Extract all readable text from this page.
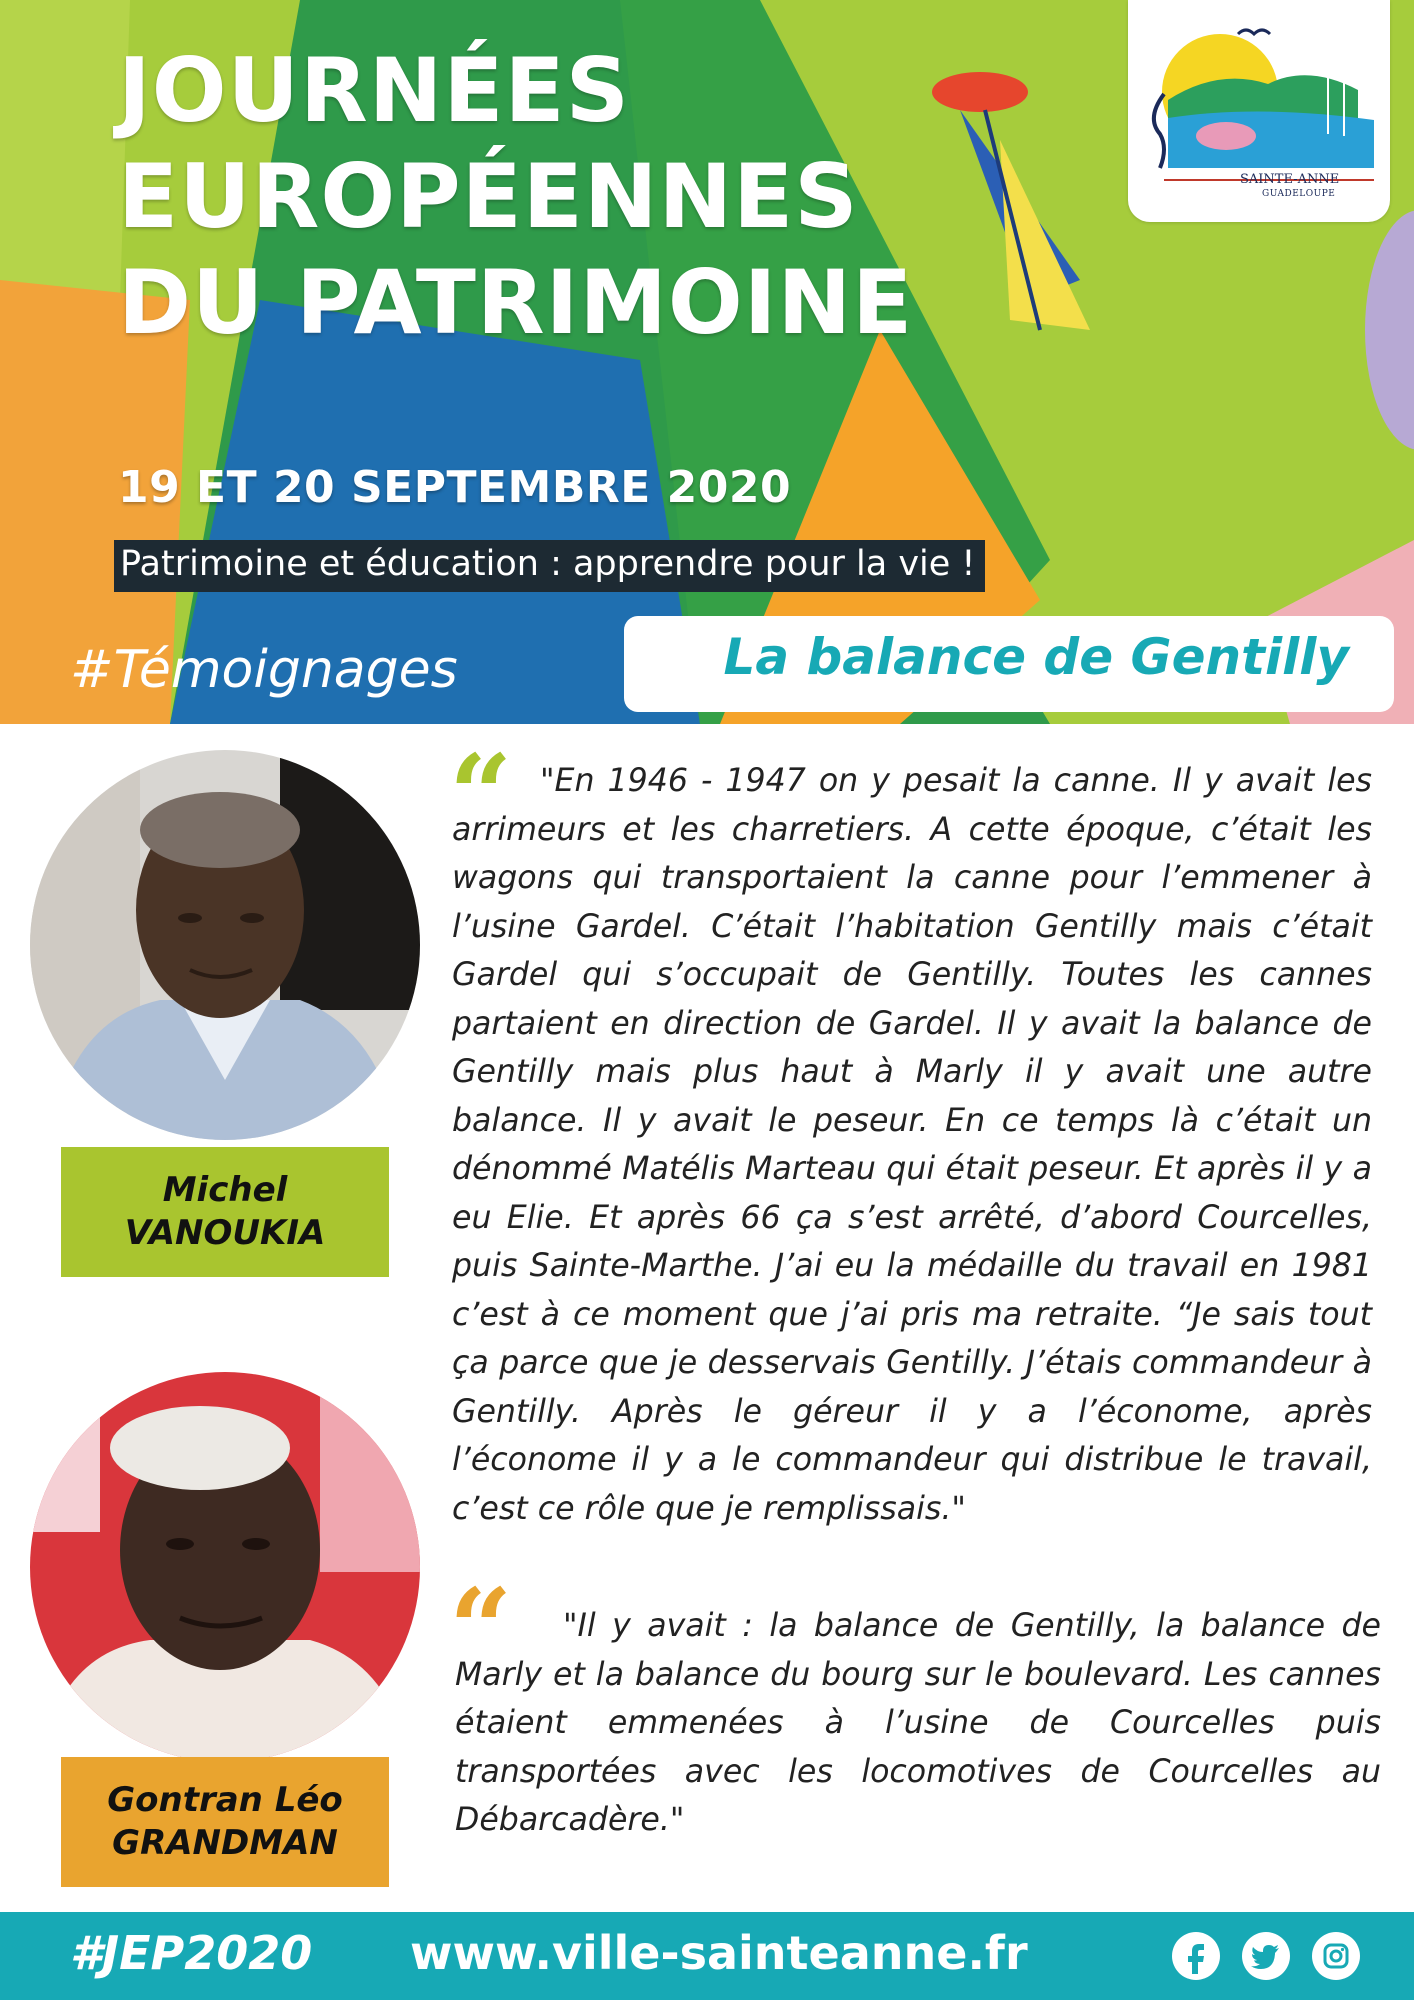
JOURNÉES
EUROPÉENNES
DU PATRIMOINE
19 ET 20 SEPTEMBRE 2020
Patrimoine et éducation : apprendre pour la vie !
#Témoignages	La balance de Gentilly
SAINTE-ANNE
GUADELOUPE
Michel
VANOUKIA
“ "En 1946 - 1947 on y pesait la canne. Il y avait les arrimeurs et les charretiers. A cette époque, c’était les wagons qui transportaient la canne pour l’emmener à l’usine Gardel. C’était l’habitation Gentilly mais c’était Gardel qui s’occupait de Gentilly. Toutes les cannes partaient en direction de Gardel. Il y avait la balance de Gentilly mais plus haut à Marly il y avait une autre balance. Il y avait le peseur. En ce temps là c’était un dénommé Matélis Marteau qui était peseur. Et après il y a eu Elie. Et après 66 ça s’est arrêté, d’abord Courcelles, puis Sainte-Marthe. J’ai eu la médaille du travail en 1981 c’est à ce moment que j’ai pris ma retraite. “Je sais tout ça parce que je desservais Gentilly. J’étais commandeur à Gentilly. Après le géreur il y a l’économe, après l’économe il y a le commandeur qui distribue le travail, c’est ce rôle que je remplissais."

Gontran Léo
GRANDMAN
“	"Il y avait : la balance de Gentilly, la balance de Marly et la balance du bourg sur le boulevard. Les cannes étaient emmenées à l’usine de Courcelles puis transportées avec les locomotives de Courcelles au Débarcadère."

#JEP2020 www.ville-sainteanne.fr
